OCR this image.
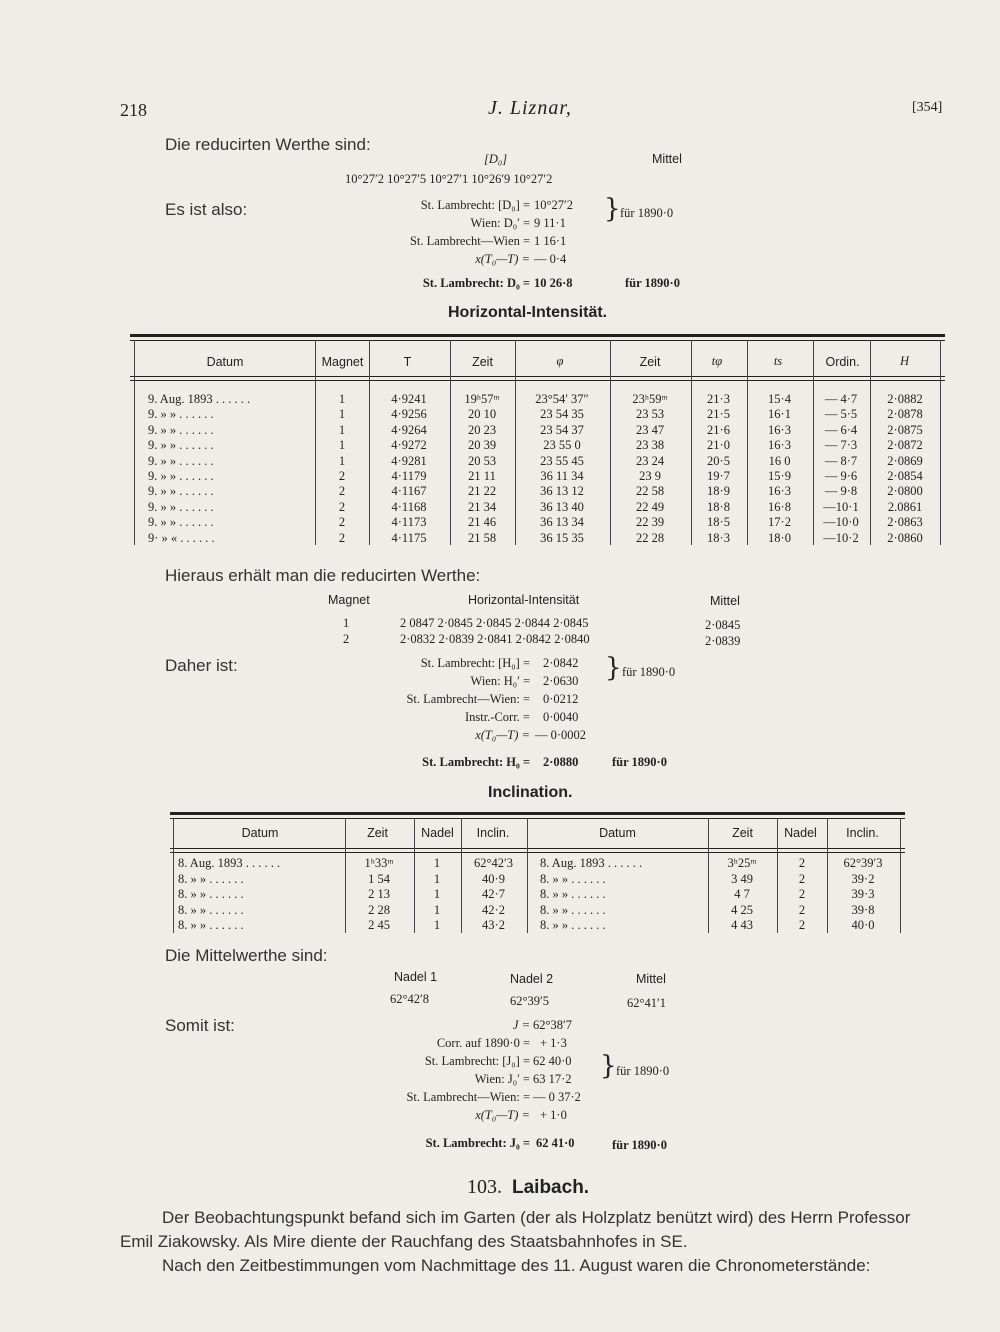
218	J. Liznar,	[354]
Die reducirten Werthe sind:
[D₀]	Mittel
10°27′2 10°27′5 10°27′1 10°26′9 10°27′2
Es ist also:	St. Lambrecht: [D₀] = 10°27′2
Wien: D₀′ = 9 11·1 } für 1890·0
St. Lambrecht—Wien = 1 16·1
x(T₀—T) = — 0·4
St. Lambrecht: D₀ = 10 26·8	für 1890·0
Horizontal-Intensität.
Datum	Magnet	T	Zeit	φ	Zeit	tφ	ts	Ordin.	H
9. Aug. 1893 . . . . . .	1	4·9241	19ʰ57ᵐ	23°54′ 37″	23ʰ59ᵐ	21·3	15·4	— 4·7	2·0882
9. » » . . . . . .	1	4·9256	20 10	23 54 35	23 53	21·5	16·1	— 5·5	2·0878
9. » » . . . . . .	1	4·9264	20 23	23 54 37	23 47	21·6	16·3	— 6·4	2·0875
9. » » . . . . . .	1	4·9272	20 39	23 55 0	23 38	21·0	16·3	— 7·3	2·0872
9. » » . . . . . .	1	4·9281	20 53	23 55 45	23 24	20·5	16 0	— 8·7	2·0869
9. » » . . . . . .	2	4·1179	21 11	36 11 34	23 9	19·7	15·9	— 9·6	2·0854
9. » » . . . . . .	2	4·1167	21 22	36 13 12	22 58	18·9	16·3	— 9·8	2·0800
9. » » . . . . . .	2	4·1168	21 34	36 13 40	22 49	18·8	16·8	—10·1	2.0861
9. » » . . . . . .	2	4·1173	21 46	36 13 34	22 39	18·5	17·2	—10·0	2·0863
9· » « . . . . . .	2	4·1175	21 58	36 15 35	22 28	18·3	18·0	—10·2	2·0860
Hieraus erhält man die reducirten Werthe:
Magnet	Horizontal-Intensität	Mittel
1	2 0847 2·0845 2·0845 2·0844 2·0845	2·0845
2	2·0832 2·0839 2·0841 2·0842 2·0840	2·0839
Daher ist:	St. Lambrecht: [H₀] = 2·0842
Wien: H₀′ = 2·0630 } für 1890·0
St. Lambrecht—Wien: = 0·0212
Instr.-Corr. = 0·0040
x(T₀—T) = — 0·0002
St. Lambrecht: H₀ = 2·0880	für 1890·0
Inclination.
Datum	Zeit	Nadel	Inclin.	Datum	Zeit	Nadel	Inclin.
8. Aug. 1893 . . . . . .	1ʰ33ᵐ	1	62°42′3	8. Aug. 1893 . . . . . .	3ʰ25ᵐ	2	62°39′3
8. » » . . . . . .	1 54	1	40·9	8. » » . . . . . .	3 49	2	39·2
8. » » . . . . . .	2 13	1	42·7	8. » » . . . . . .	4 7	2	39·3
8. » » . . . . . .	2 28	1	42·2	8. » » . . . . . .	4 25	2	39·8
8. » » . . . . . .	2 45	1	43·2	8. » » . . . . . .	4 43	2	40·0
Die Mittelwerthe sind:
Nadel 1	Nadel 2	Mittel
62°42′8	62°39′5	62°41′1
Somit ist:	J = 62°38′7
Corr. auf 1890·0 = + 1·3
St. Lambrecht: [J₀] = 62 40·0
Wien: J₀′ = 63 17·2 } für 1890·0
St. Lambrecht—Wien: = — 0 37·2
x(T₀—T) = + 1·0
St. Lambrecht: J₀ = 62 41·0	für 1890·0
103. Laibach.
Der Beobachtungspunkt befand sich im Garten (der als Holzplatz benützt wird) des Herrn Professor
Emil Ziakowsky. Als Mire diente der Rauchfang des Staatsbahnhofes in SE.
Nach den Zeitbestimmungen vom Nachmittage des 11. August waren die Chronometerstände:
